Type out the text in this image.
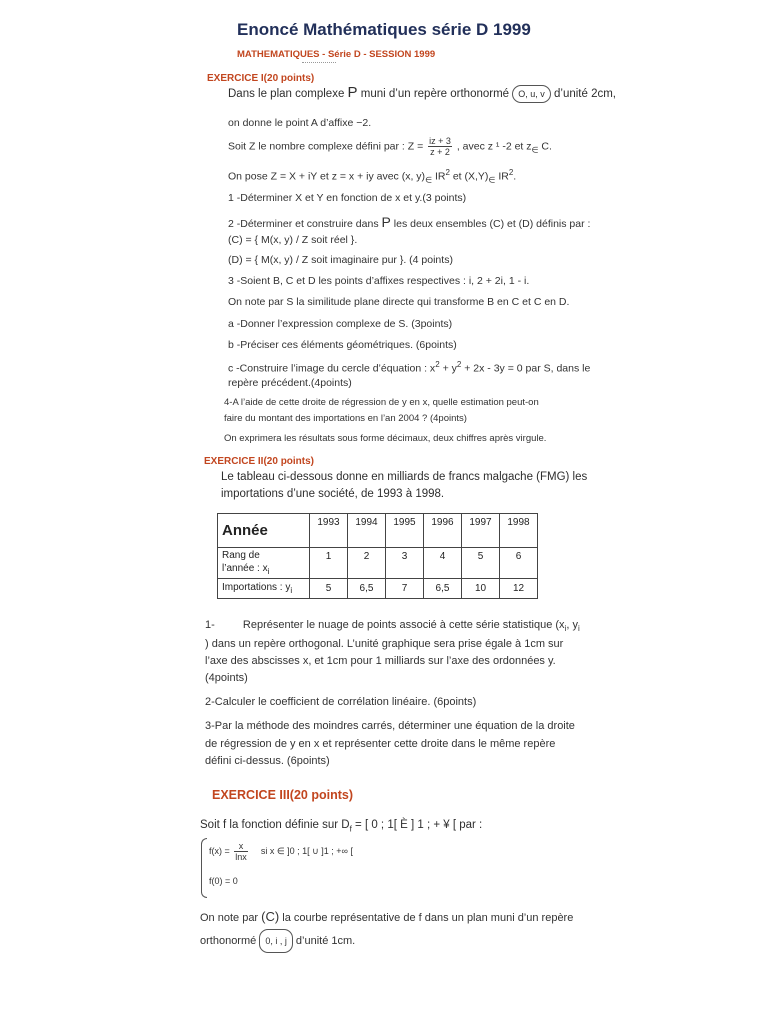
Enoncé Mathématiques série D 1999
MATHEMATIQUES - Série D - SESSION 1999
EXERCICE I(20 points)
Dans le plan complexe P muni d’un repère orthonormé O, u, v d’unité 2cm,
on donne le point A d’affixe −2.
Soit Z le nombre complexe défini par : $Z = \frac{iz + 3}{z + 2}$ , avec z ¹ -2 et $z_\in$ C.
On pose Z = X + iY et z = x + iy avec (x, $y)_\in$ $IR^2$ et $(X,Y)_\in$ $IR^2$.
1 -Déterminer X et Y en fonction de x et y.(3 points)
2 -Déterminer et construire dans P les deux ensembles (C) et (D) définis par :
(C) = { M(x, y) / Z soit réel }.
(D) = { M(x, y) / Z soit imaginaire pur }. (4 points)
3 -Soient B, C et D les points d’affixes respectives : i, 2 + 2i, 1 - i.
On note par S la similitude plane directe qui transforme B en C et C en D.
a -Donner l’expression complexe de S. (3points)
b -Préciser ces éléments géométriques. (6points)
c -Construire l’image du cercle d’équation : $x^2 + y^2 + 2x - 3y = 0$ par S, dans le
repère précédent.(4points)
4-A l’aide de cette droite de régression de y en x, quelle estimation peut-on
faire du montant des importations en l’an 2004 ? (4points)
On exprimera les résultats sous forme décimaux, deux chiffres après virgule.
EXERCICE II(20 points)
Le tableau ci-dessous donne en milliards de francs malgache (FMG) les
importations d’une société, de 1993 à 1998.
Année	1993	1994	1995	1996	1997	1998
Rang de
l’année : $x_i$	1	2	3	4	5	6
Importations : $y_i$	5	6,5	7	6,5	10	12
1-	Représenter le nuage de points associé à cette série statistique ($x_i$, $y_i$
) dans un repère orthogonal. L’unité graphique sera prise égale à 1cm sur
l’axe des abscisses x, et 1cm pour 1 milliards sur l’axe des ordonnées y.
(4points)
2-Calculer le coefficient de corrélation linéaire. (6points)
3-Par la méthode des moindres carrés, déterminer une équation de la droite
de régression de y en x et représenter cette droite dans le même repère
défini ci-dessus. (6points)
EXERCICE III(20 points)
Soit f la fonction définie sur $D_f$ = [ 0 ; 1[ È ] 1 ; + ¥ [ par :
$f(x) = \frac{x}{\ln x}$ si x ∈ ]0 ; 1[ ∪ ]1 ; +∞ [
f(0) = 0
On note par (C) la courbe représentative de f dans un plan muni d’un repère
orthonormé 0, i , j d’unité 1cm.
